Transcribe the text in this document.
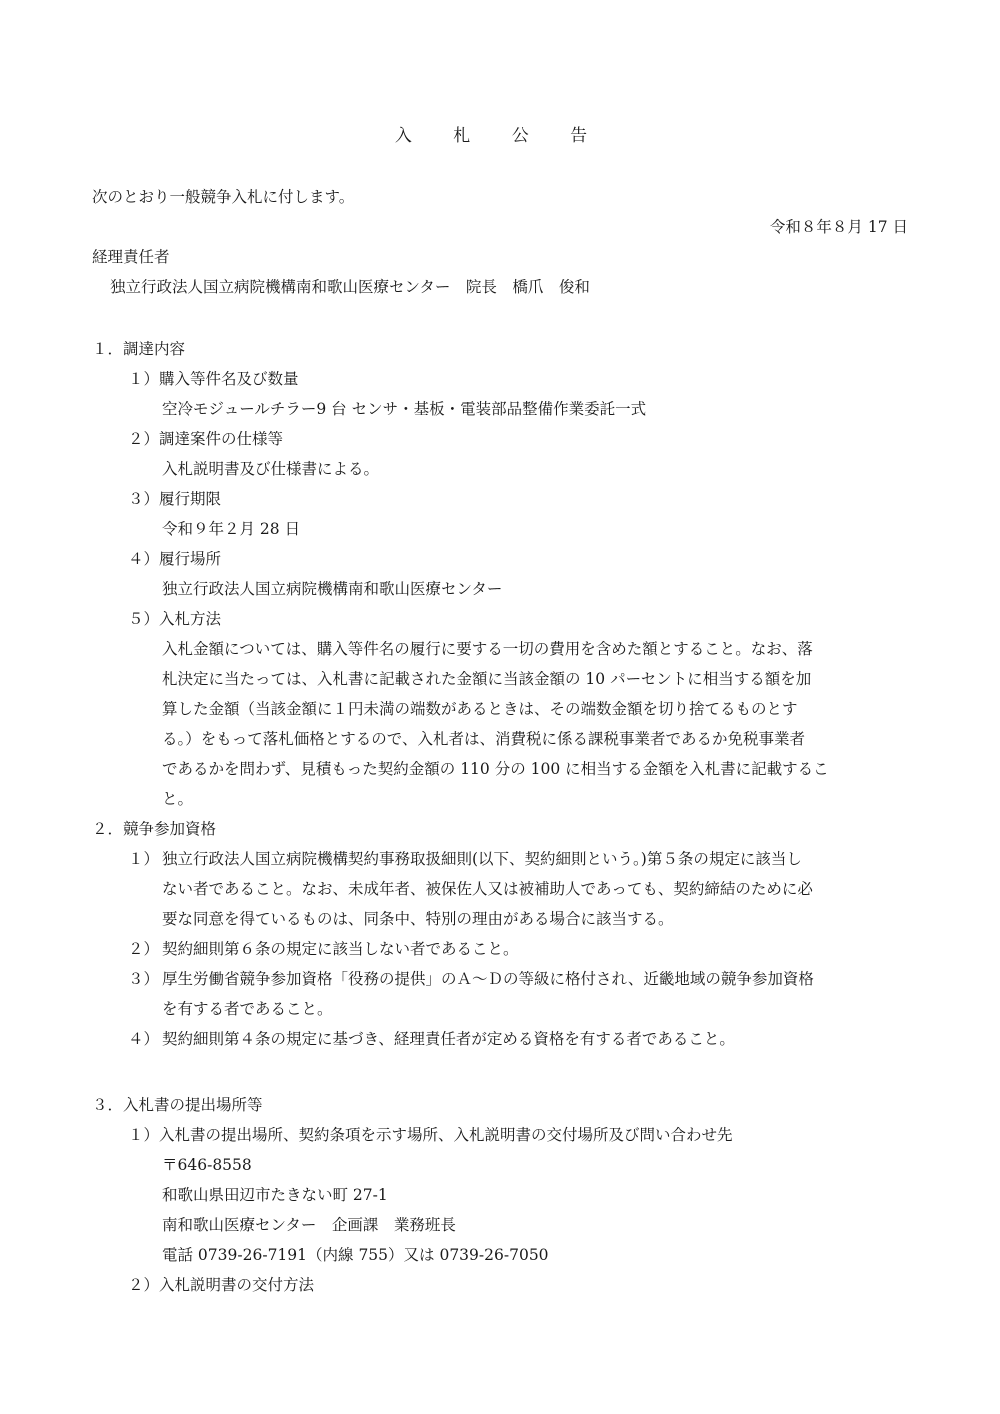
入 札 公 告
次のとおり一般競争入札に付します。
令和８年８月 17 日
経理責任者
独立行政法人国立病院機構南和歌山医療センター　院長　橋爪　俊和
１．調達内容
１）購入等件名及び数量
空冷モジュールチラー9 台 センサ・基板・電装部品整備作業委託一式
２）調達案件の仕様等
入札説明書及び仕様書による。
３）履行期限
令和９年２月 28 日
４）履行場所
独立行政法人国立病院機構南和歌山医療センター
５）入札方法
入札金額については、購入等件名の履行に要する一切の費用を含めた額とすること。なお、落
札決定に当たっては、入札書に記載された金額に当該金額の 10 パーセントに相当する額を加
算した金額（当該金額に１円未満の端数があるときは、その端数金額を切り捨てるものとす
る。）をもって落札価格とするので、入札者は、消費税に係る課税事業者であるか免税事業者
であるかを問わず、見積もった契約金額の 110 分の 100 に相当する金額を入札書に記載するこ
と。
２．競争参加資格
１） 独立行政法人国立病院機構契約事務取扱細則(以下、契約細則という。)第５条の規定に該当し
ない者であること。なお、未成年者、被保佐人又は被補助人であっても、契約締結のために必
要な同意を得ているものは、同条中、特別の理由がある場合に該当する。
２） 契約細則第６条の規定に該当しない者であること。
３） 厚生労働省競争参加資格「役務の提供」のＡ～Ｄの等級に格付され、近畿地域の競争参加資格
を有する者であること。
４） 契約細則第４条の規定に基づき、経理責任者が定める資格を有する者であること。
３．入札書の提出場所等
１）入札書の提出場所、契約条項を示す場所、入札説明書の交付場所及び問い合わせ先
〒646-8558
和歌山県田辺市たきない町 27-1
南和歌山医療センター　企画課　業務班長
電話 0739-26-7191（内線 755）又は 0739-26-7050
２）入札説明書の交付方法
